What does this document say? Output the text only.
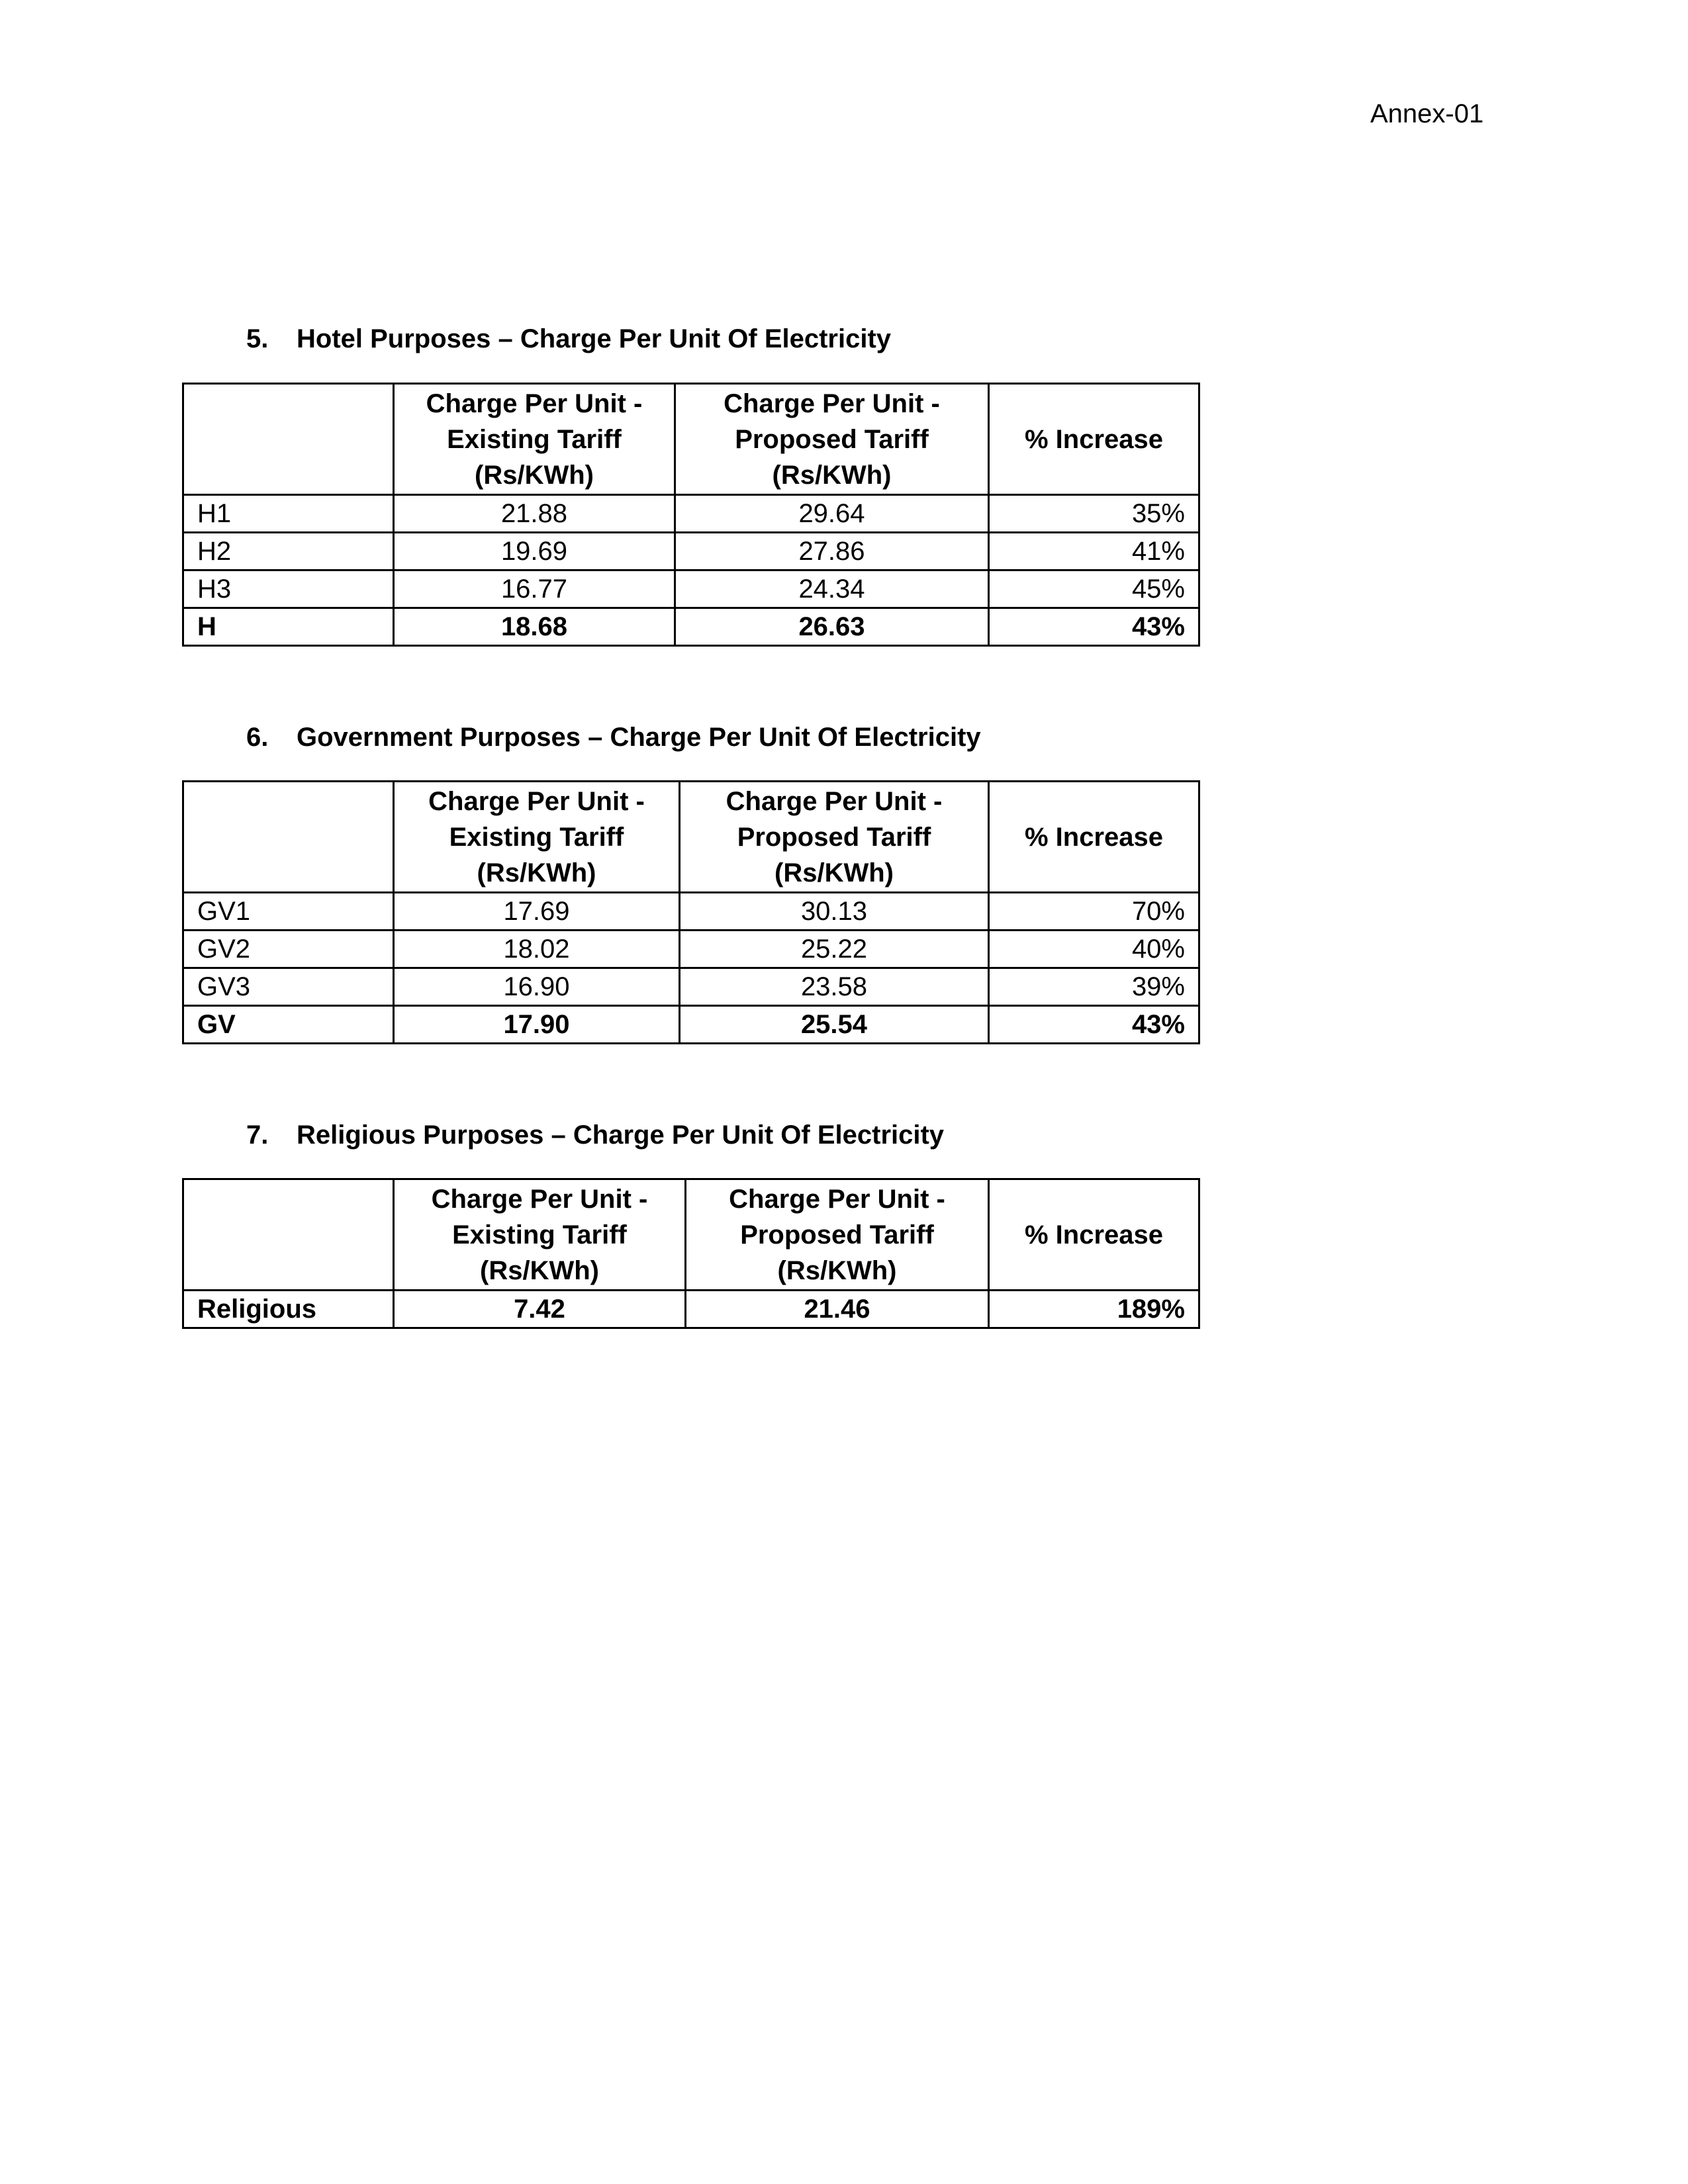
Annex-01
5. Hotel Purposes – Charge Per Unit Of Electricity
	Charge Per Unit - Existing Tariff (Rs/KWh)	Charge Per Unit - Proposed Tariff (Rs/KWh)	% Increase
H1	21.88	29.64	35%
H2	19.69	27.86	41%
H3	16.77	24.34	45%
H	18.68	26.63	43%
6. Government Purposes – Charge Per Unit Of Electricity
	Charge Per Unit - Existing Tariff (Rs/KWh)	Charge Per Unit - Proposed Tariff (Rs/KWh)	% Increase
GV1	17.69	30.13	70%
GV2	18.02	25.22	40%
GV3	16.90	23.58	39%
GV	17.90	25.54	43%
7. Religious Purposes – Charge Per Unit Of Electricity
	Charge Per Unit - Existing Tariff (Rs/KWh)	Charge Per Unit - Proposed Tariff (Rs/KWh)	% Increase
Religious	7.42	21.46	189%
